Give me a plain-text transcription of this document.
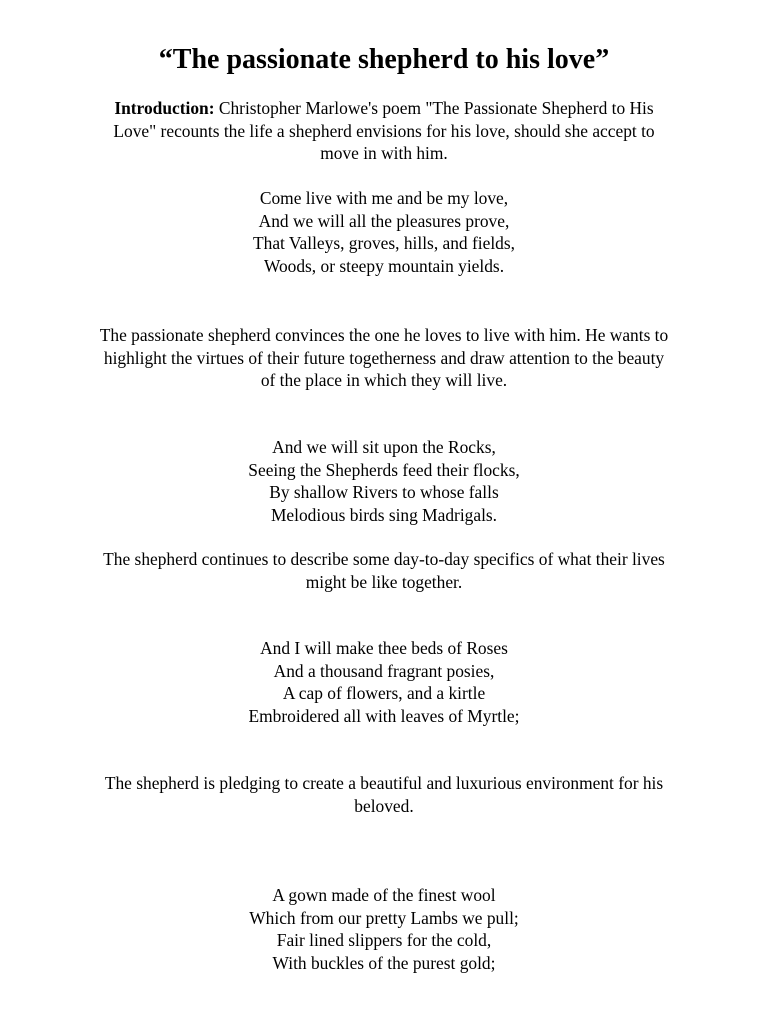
“The passionate shepherd to his love”
Introduction: Christopher Marlowe's poem "The Passionate Shepherd to His
Love" recounts the life a shepherd envisions for his love, should she accept to
move in with him.
Come live with me and be my love,
And we will all the pleasures prove,
That Valleys, groves, hills, and fields,
Woods, or steepy mountain yields.
The passionate shepherd convinces the one he loves to live with him. He wants to
highlight the virtues of their future togetherness and draw attention to the beauty
of the place in which they will live.
And we will sit upon the Rocks,
Seeing the Shepherds feed their flocks,
By shallow Rivers to whose falls
Melodious birds sing Madrigals.
The shepherd continues to describe some day-to-day specifics of what their lives
might be like together.
And I will make thee beds of Roses
And a thousand fragrant posies,
A cap of flowers, and a kirtle
Embroidered all with leaves of Myrtle;
The shepherd is pledging to create a beautiful and luxurious environment for his
beloved.
A gown made of the finest wool
Which from our pretty Lambs we pull;
Fair lined slippers for the cold,
With buckles of the purest gold;
